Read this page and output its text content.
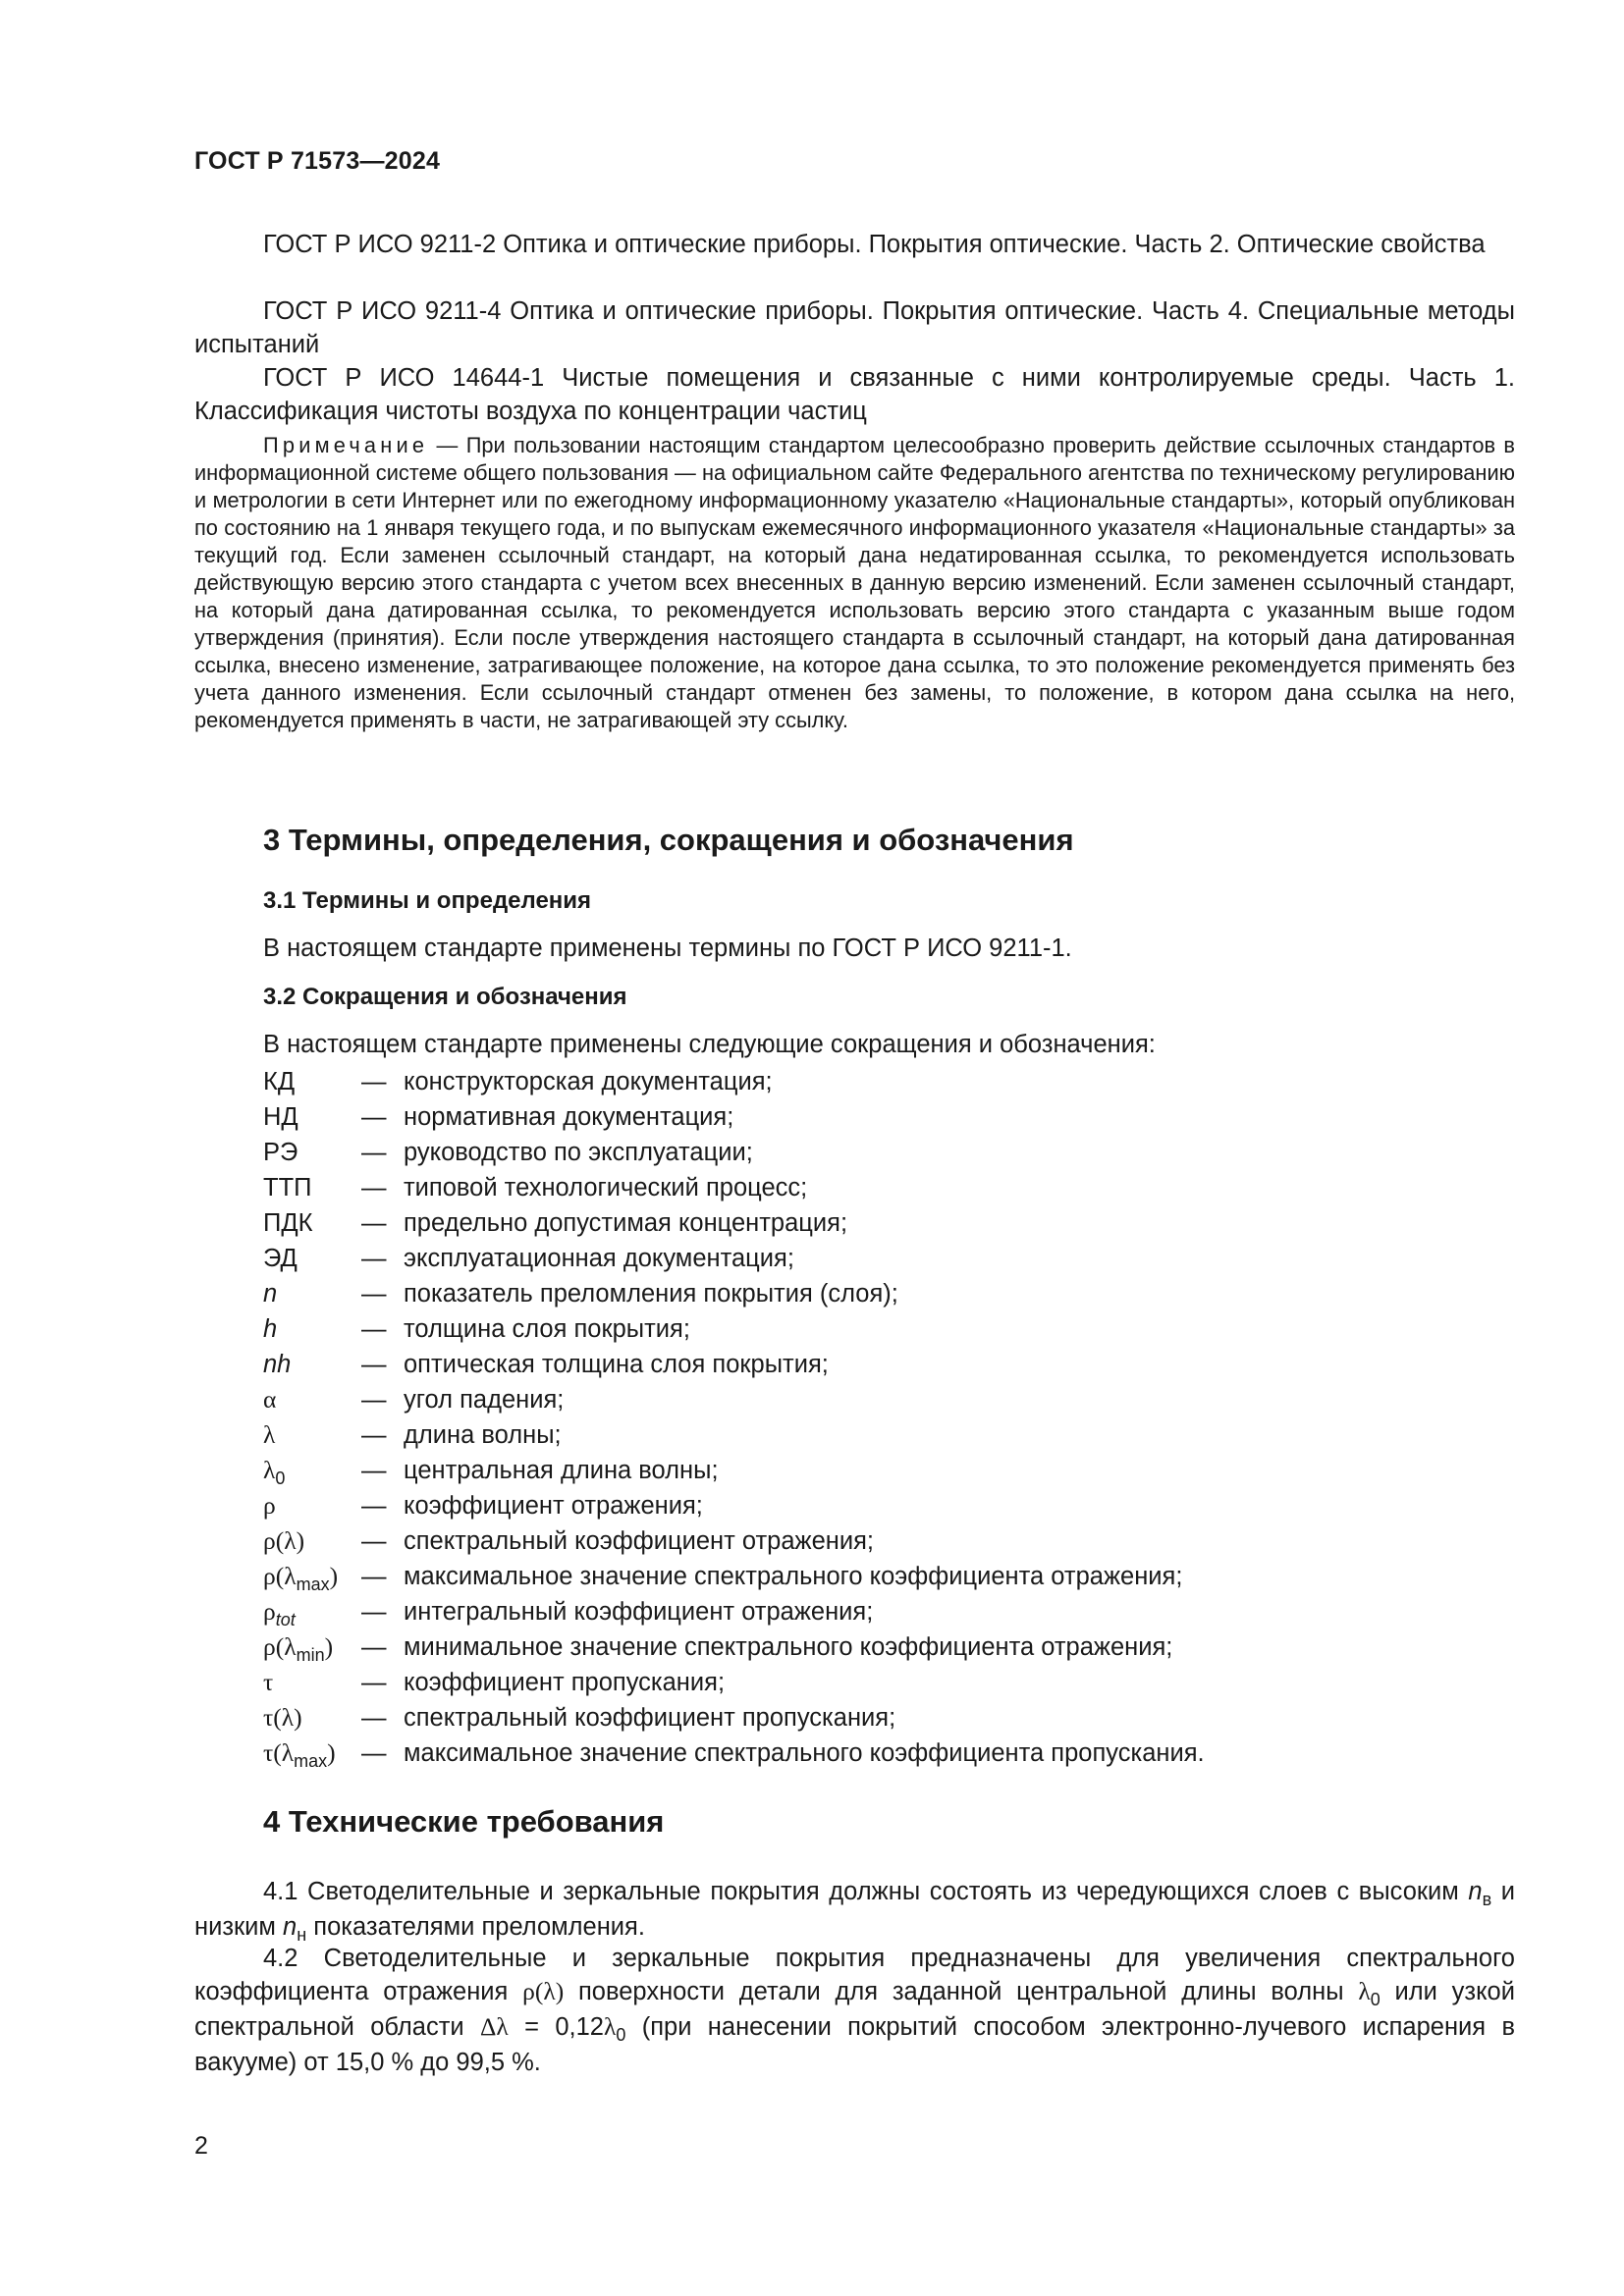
ГОСТ Р 71573—2024
ГОСТ Р ИСО 9211-2 Оптика и оптические приборы. Покрытия оптические. Часть 2. Оптические свойства
ГОСТ Р ИСО 9211-4 Оптика и оптические приборы. Покрытия оптические. Часть 4. Специальные методы испытаний
ГОСТ Р ИСО 14644-1 Чистые помещения и связанные с ними контролируемые среды. Часть 1. Классификация чистоты воздуха по концентрации частиц
Примечание — При пользовании настоящим стандартом целесообразно проверить действие ссылочных стандартов в информационной системе общего пользования — на официальном сайте Федерального агентства по техническому регулированию и метрологии в сети Интернет или по ежегодному информационному указателю «Национальные стандарты», который опубликован по состоянию на 1 января текущего года, и по выпускам ежемесячного информационного указателя «Национальные стандарты» за текущий год. Если заменен ссылочный стандарт, на который дана недатированная ссылка, то рекомендуется использовать действующую версию этого стандарта с учетом всех внесенных в данную версию изменений. Если заменен ссылочный стандарт, на который дана датированная ссылка, то рекомендуется использовать версию этого стандарта с указанным выше годом утверждения (принятия). Если после утверждения настоящего стандарта в ссылочный стандарт, на который дана датированная ссылка, внесено изменение, затрагивающее положение, на которое дана ссылка, то это положение рекомендуется применять без учета данного изменения. Если ссылочный стандарт отменен без замены, то положение, в котором дана ссылка на него, рекомендуется применять в части, не затрагивающей эту ссылку.
3 Термины, определения, сокращения и обозначения
3.1 Термины и определения
В настоящем стандарте применены термины по ГОСТ Р ИСО 9211-1.
3.2 Сокращения и обозначения
В настоящем стандарте применены следующие сокращения и обозначения:
КД	— конструкторская документация;
НД	— нормативная документация;
РЭ	— руководство по эксплуатации;
ТТП — типовой технологический процесс;
ПДК — предельно допустимая концентрация;
ЭД	— эксплуатационная документация;
n	— показатель преломления покрытия (слоя);
h	— толщина слоя покрытия;
nh	— оптическая толщина слоя покрытия;
α	— угол падения;
λ	— длина волны;
$\lambda_0$	— центральная длина волны;
ρ	— коэффициент отражения;
ρ(λ) — спектральный коэффициент отражения;
$\rho(\lambda_{max})$ — максимальное значение спектрального коэффициента отражения;
$\rho_{tot}$	— интегральный коэффициент отражения;
$\rho(\lambda_{min})$ — минимальное значение спектрального коэффициента отражения;
τ	— коэффициент пропускания;
τ(λ) — спектральный коэффициент пропускания;
$\tau(\lambda_{max})$ — максимальное значение спектрального коэффициента пропускания.
4 Технические требования
4.1 Светоделительные и зеркальные покрытия должны состоять из чередующихся слоев с высоким $n_в$ и низким $n_н$ показателями преломления.
4.2 Светоделительные и зеркальные покрытия предназначены для увеличения спектрального коэффициента отражения ρ(λ) поверхности детали для заданной центральной длины волны $\lambda_0$ или узкой спектральной области $\Delta\lambda = 0,12\lambda_0$ (при нанесении покрытий способом электронно-лучевого испарения в вакууме) от 15,0 % до 99,5 %.
2
